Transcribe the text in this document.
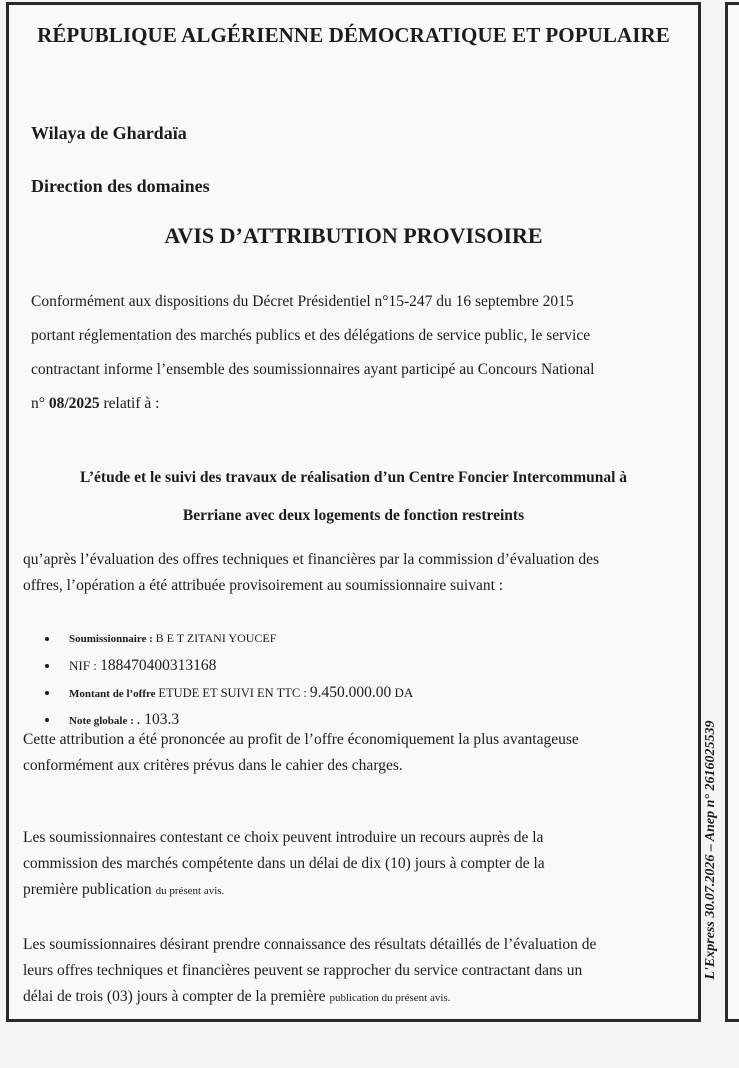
RÉPUBLIQUE ALGÉRIENNE DÉMOCRATIQUE ET POPULAIRE
Wilaya de Ghardaïa
Direction des domaines
AVIS D’ATTRIBUTION PROVISOIRE
Conformément aux dispositions du Décret Présidentiel n°15-247 du 16 septembre 2015
portant réglementation des marchés publics et des délégations de service public, le service
contractant informe l’ensemble des soumissionnaires ayant participé au Concours National
n° 08/2025 relatif à :
L’étude et le suivi des travaux de réalisation d’un Centre Foncier Intercommunal à
Berriane avec deux logements de fonction restreints
qu’après l’évaluation des offres techniques et financières par la commission d’évaluation des
offres, l’opération a été attribuée provisoirement au soumissionnaire suivant :
Soumissionnaire : B E T ZITANI YOUCEF
NIF : 188470400313168
Montant de l’offre ETUDE ET SUIVI EN TTC : 9.450.000.00 DA
Note globale : . 103.3
Cette attribution a été prononcée au profit de l’offre économiquement la plus avantageuse
conformément aux critères prévus dans le cahier des charges.
Les soumissionnaires contestant ce choix peuvent introduire un recours auprès de la
commission des marchés compétente dans un délai de dix (10) jours à compter de la
première publication du présent avis.
Les soumissionnaires désirant prendre connaissance des résultats détaillés de l’évaluation de
leurs offres techniques et financières peuvent se rapprocher du service contractant dans un
délai de trois (03) jours à compter de la première publication du présent avis.
L'Express 30.07.2026 – Anep n° 2616025539
